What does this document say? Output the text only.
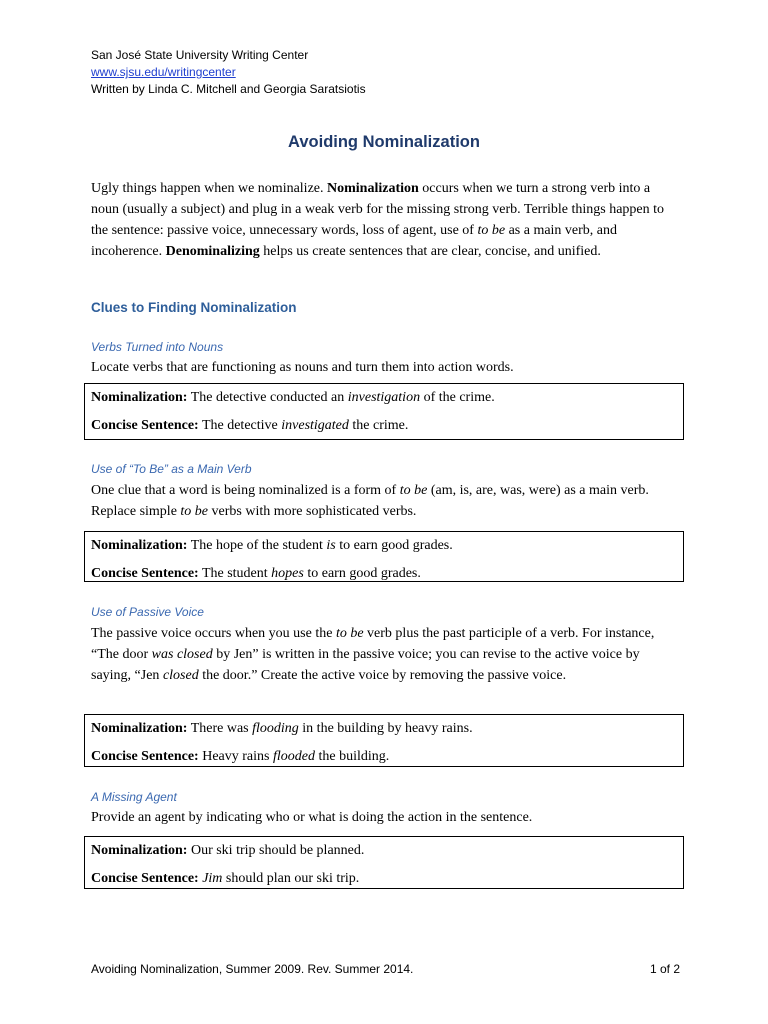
San José State University Writing Center
www.sjsu.edu/writingcenter
Written by Linda C. Mitchell and Georgia Saratsiotis
Avoiding Nominalization
Ugly things happen when we nominalize. Nominalization occurs when we turn a strong verb into a noun (usually a subject) and plug in a weak verb for the missing strong verb. Terrible things happen to the sentence: passive voice, unnecessary words, loss of agent, use of to be as a main verb, and incoherence. Denominalizing helps us create sentences that are clear, concise, and unified.
Clues to Finding Nominalization
Verbs Turned into Nouns
Locate verbs that are functioning as nouns and turn them into action words.
Nominalization: The detective conducted an investigation of the crime.
Concise Sentence: The detective investigated the crime.
Use of “To Be” as a Main Verb
One clue that a word is being nominalized is a form of to be (am, is, are, was, were) as a main verb. Replace simple to be verbs with more sophisticated verbs.
Nominalization: The hope of the student is to earn good grades.
Concise Sentence: The student hopes to earn good grades.
Use of Passive Voice
The passive voice occurs when you use the to be verb plus the past participle of a verb. For instance, “The door was closed by Jen” is written in the passive voice; you can revise to the active voice by saying, “Jen closed the door.” Create the active voice by removing the passive voice.
Nominalization: There was flooding in the building by heavy rains.
Concise Sentence: Heavy rains flooded the building.
A Missing Agent
Provide an agent by indicating who or what is doing the action in the sentence.
Nominalization: Our ski trip should be planned.
Concise Sentence: Jim should plan our ski trip.
Avoiding Nominalization, Summer 2009. Rev. Summer 2014.	1 of 2
